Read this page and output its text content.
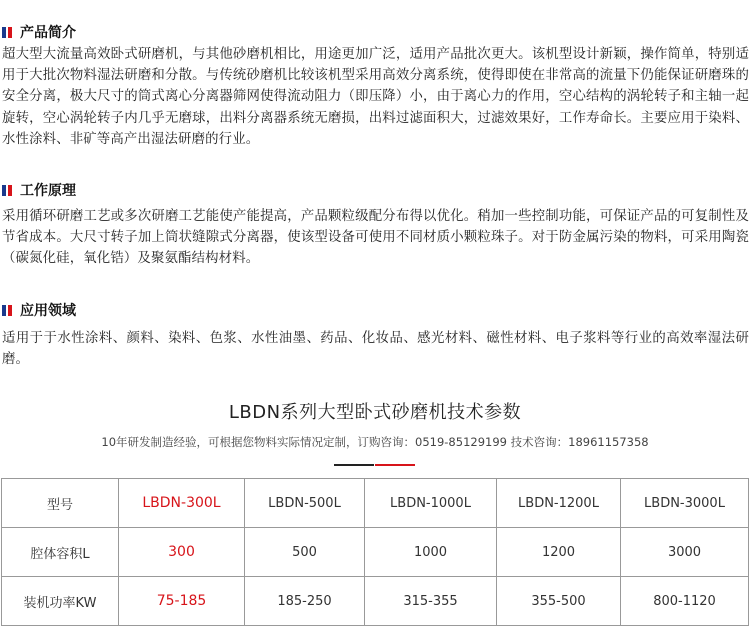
产品简介

超大型大流量高效卧式研磨机，与其他砂磨机相比，用途更加广泛，适用产品批次更大。该机型设计新颖，操作简单，特别适用于大批次物料湿法研磨和分散。与传统砂磨机比较该机型采用高效分离系统，使得即使在非常高的流量下仍能保证研磨珠的安全分离，极大尺寸的筒式离心分离器筛网使得流动阻力（即压降）小，由于离心力的作用，空心结构的涡轮转子和主轴一起旋转，空心涡轮转子内几乎无磨球，出料分离器系统无磨损，出料过滤面积大，过滤效果好，工作寿命长。主要应用于染料、水性涂料、非矿等高产出湿法研磨的行业。

工作原理

采用循环研磨工艺或多次研磨工艺能使产能提高，产品颗粒级配分布得以优化。稍加一些控制功能，可保证产品的可复制性及节省成本。大尺寸转子加上筒状缝隙式分离器，使该型设备可使用不同材质小颗粒珠子。对于防金属污染的物料，可采用陶瓷（碳氮化硅，氧化锆）及聚氨酯结构材料。

应用领域

适用于于水性涂料、颜料、染料、色浆、水性油墨、药品、化妆品、感光材料、磁性材料、电子浆料等行业的高效率湿法研磨。

LBDN系列大型卧式砂磨机技术参数
10年研发制造经验，可根据您物料实际情况定制，订购咨询：0519-85129199 技术咨询：18961157358
型号	LBDN-300L	LBDN-500L	LBDN-1000L	LBDN-1200L	LBDN-3000L
腔体容积L	300	500	1000	1200	3000
装机功率KW	75-185	185-250	315-355	355-500	800-1120
